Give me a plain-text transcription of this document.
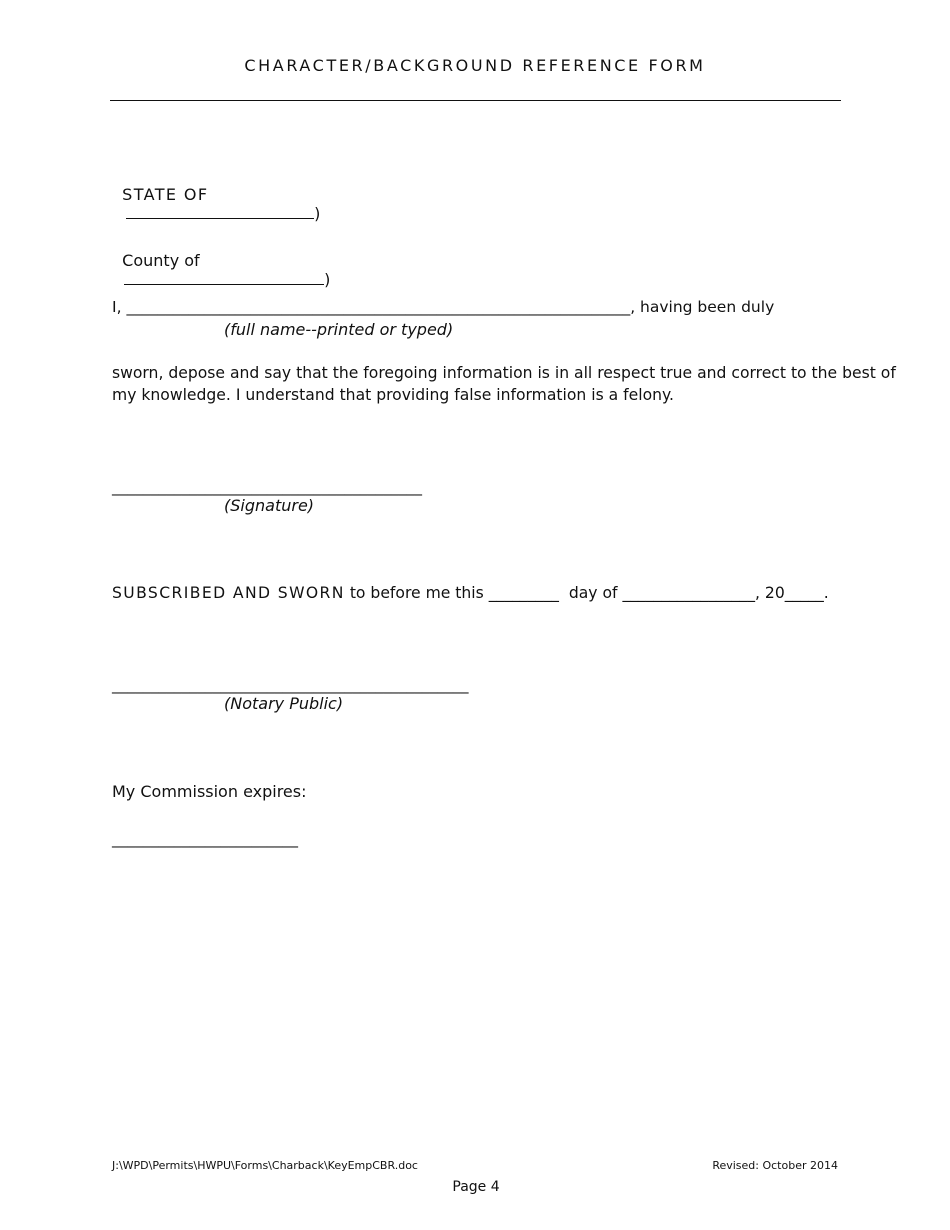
CHARACTER/BACKGROUND REFERENCE FORM

STATE OF
)

County of
)

I, _________________________________________________________________, having been duly
(full name--printed or typed)
sworn, depose and say that the foregoing information is in all respect true and correct to the best of
my knowledge. I understand that providing false information is a felony.
________________________________________
(Signature)
SUBSCRIBED AND SWORN to before me this _________  day of _________________, 20_____.
______________________________________________
(Notary Public)
My Commission expires:
________________________
J:\WPD\Permits\HWPU\Forms\Charback\KeyEmpCBR.doc	Revised: October 2014
Page 4
